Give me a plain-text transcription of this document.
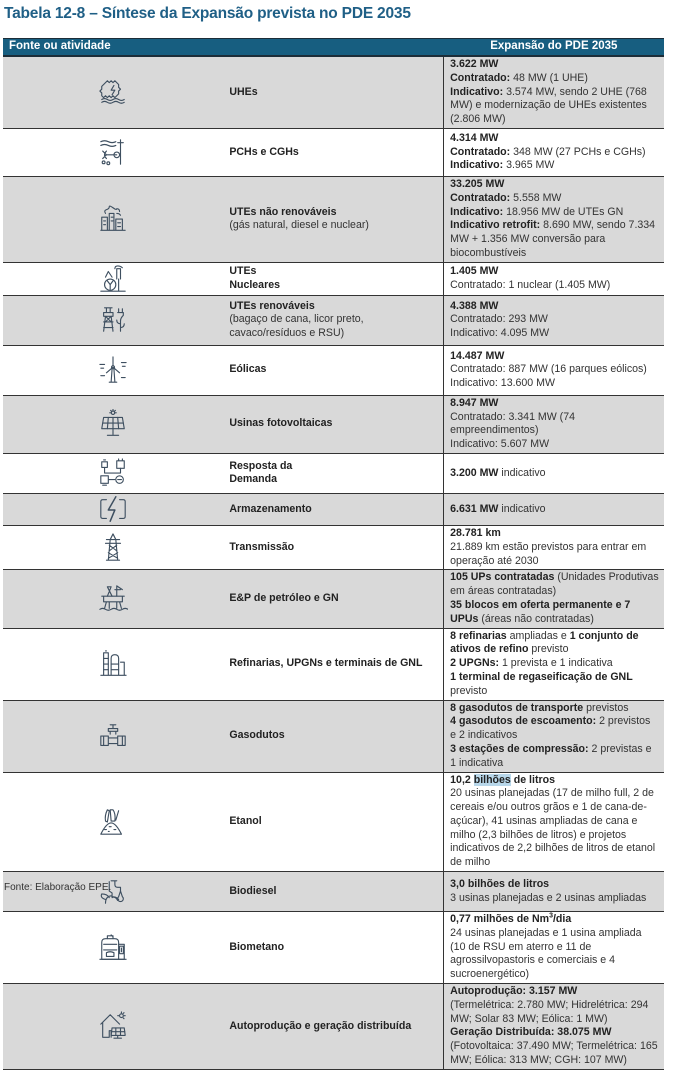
Tabela 12-8 – Síntese da Expansão prevista no PDE 2035
Fonte ou atividade		Expansão do PDE 2035

UHEs	3.622 MW
Contratado: 48 MW (1 UHE)
Indicativo: 3.574 MW, sendo 2 UHE (768 MW) e modernização de UHEs existentes (2.806 MW)

PCHs e CGHs	4.314 MW
Contratado: 348 MW (27 PCHs e CGHs)
Indicativo: 3.965 MW

UTEs não renováveis
(gás natural, diesel e nuclear)	33.205 MW
Contratado: 5.558 MW
Indicativo: 18.956 MW de UTEs GN
Indicativo retrofit: 8.690 MW, sendo 7.334 MW + 1.356 MW conversão para biocombustíveis

UTEs
Nucleares	1.405 MW
Contratado: 1 nuclear (1.405 MW)

UTEs renováveis
(bagaço de cana, licor preto, cavaco/resíduos e RSU)	4.388 MW
Contratado: 293 MW
Indicativo: 4.095 MW

Eólicas	14.487 MW
Contratado: 887 MW (16 parques eólicos)
Indicativo: 13.600 MW

Usinas fotovoltaicas	8.947 MW
Contratado: 3.341 MW (74 empreendimentos)
Indicativo: 5.607 MW

Resposta da
Demanda	3.200 MW indicativo

Armazenamento	6.631 MW indicativo

Transmissão	28.781 km
21.889 km estão previstos para entrar em operação até 2030

E&P de petróleo e GN	105 UPs contratadas (Unidades Produtivas em áreas contratadas)
35 blocos em oferta permanente e 7 UPUs (áreas não contratadas)

Refinarias, UPGNs e terminais de GNL	8 refinarias ampliadas e 1 conjunto de ativos de refino previsto
2 UPGNs: 1 prevista e 1 indicativa
1 terminal de regaseificação de GNL previsto

Gasodutos	8 gasodutos de transporte previstos
4 gasodutos de escoamento: 2 previstos e 2 indicativos
3 estações de compressão: 2 previstas e 1 indicativa

Etanol	10,2 bilhões de litros
20 usinas planejadas (17 de milho full, 2 de cereais e/ou outros grãos e 1 de cana-de-açúcar), 41 usinas ampliadas de cana e milho (2,3 bilhões de litros) e projetos indicativos de 2,2 bilhões de litros de etanol de milho

Biodiesel	3,0 bilhões de litros
3 usinas planejadas e 2 usinas ampliadas

Biometano	0,77 milhões de Nm$^3$/dia
24 usinas planejadas e 1 usina ampliada (10 de RSU em aterro e 11 de agrossilvopastoris e comerciais e 4 sucroenergético)

Autoprodução e geração distribuída	Autoprodução: 3.157 MW
(Termelétrica: 2.780 MW; Hidrelétrica: 294 MW; Solar 83 MW; Eólica: 1 MW)
Geração Distribuída: 38.075 MW
(Fotovoltaica: 37.490 MW; Termelétrica: 165 MW; Eólica: 313 MW; CGH: 107 MW)
Fonte: Elaboração EPE.
